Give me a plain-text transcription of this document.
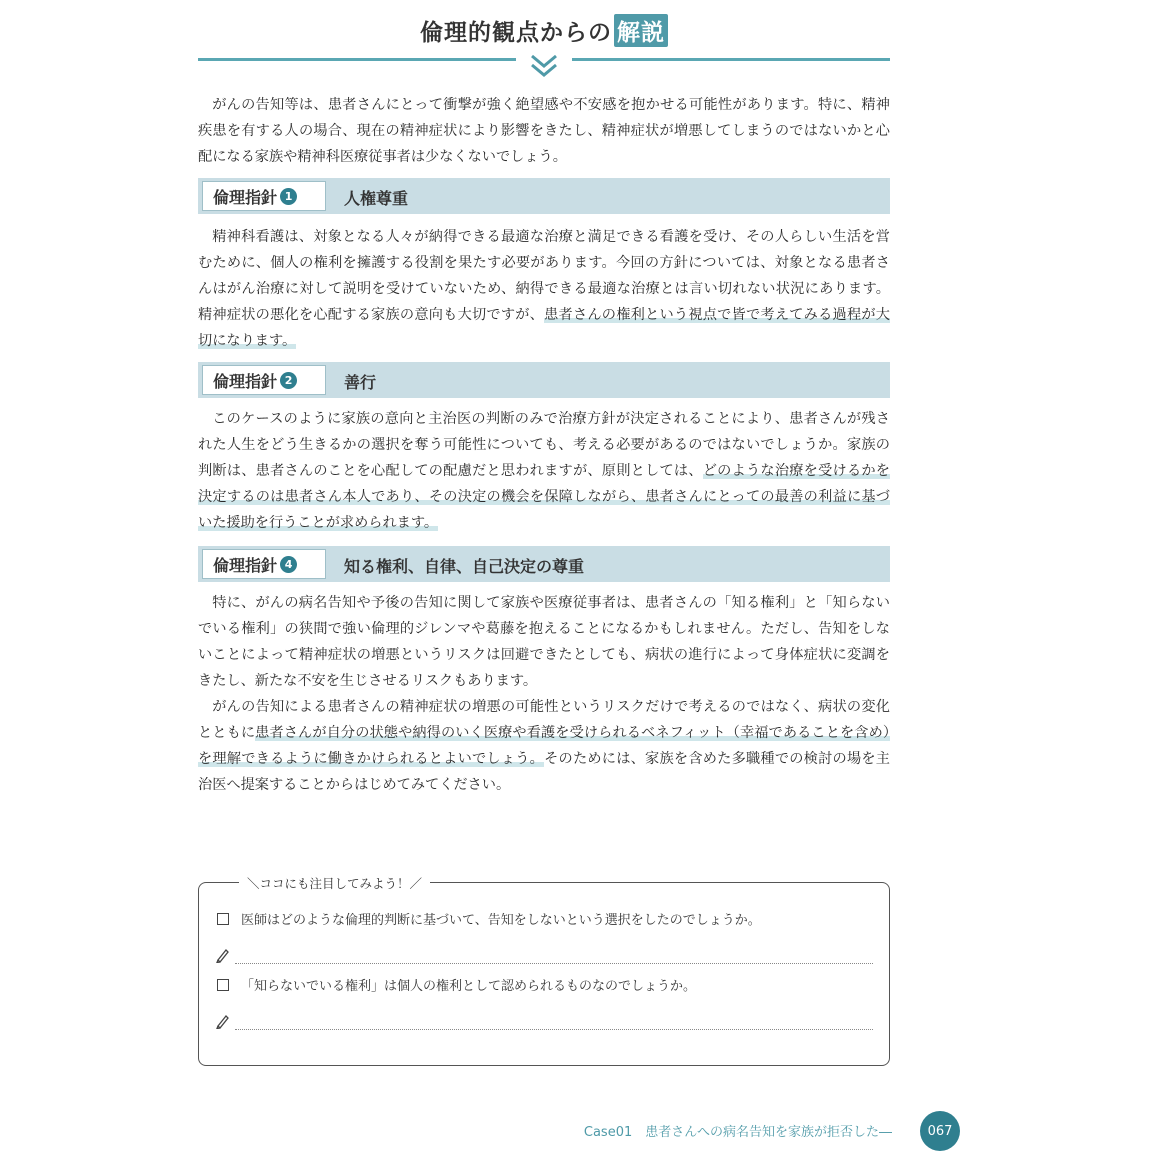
倫理的観点からの 解説

がんの告知等は、患者さんにとって衝撃が強く絶望感や不安感を抱かせる可能性があります。特に、精神疾患を有する人の場合、現在の精神症状により影響をきたし、精神症状が増悪してしまうのではないかと心配になる家族や精神科医療従事者は少なくないでしょう。

倫理指針 1	人権尊重

精神科看護は、対象となる人々が納得できる最適な治療と満足できる看護を受け、その人らしい生活を営むために、個人の権利を擁護する役割を果たす必要があります。今回の方針については、対象となる患者さんはがん治療に対して説明を受けていないため、納得できる最適な治療とは言い切れない状況にあります。精神症状の悪化を心配する家族の意向も大切ですが、患者さんの権利という視点で皆で考えてみる過程が大切になります。

倫理指針 2	善行

このケースのように家族の意向と主治医の判断のみで治療方針が決定されることにより、患者さんが残された人生をどう生きるかの選択を奪う可能性についても、考える必要があるのではないでしょうか。家族の判断は、患者さんのことを心配しての配慮だと思われますが、原則としては、どのような治療を受けるかを決定するのは患者さん本人であり、その決定の機会を保障しながら、患者さんにとっての最善の利益に基づいた援助を行うことが求められます。

倫理指針 4	知る権利、自律、自己決定の尊重

特に、がんの病名告知や予後の告知に関して家族や医療従事者は、患者さんの「知る権利」と「知らないでいる権利」の狭間で強い倫理的ジレンマや葛藤を抱えることになるかもしれません。ただし、告知をしないことによって精神症状の増悪というリスクは回避できたとしても、病状の進行によって身体症状に変調をきたし、新たな不安を生じさせるリスクもあります。

がんの告知による患者さんの精神症状の増悪の可能性というリスクだけで考えるのではなく、病状の変化とともに患者さんが自分の状態や納得のいく医療や看護を受けられるベネフィット（幸福であることを含め）を理解できるように働きかけられるとよいでしょう。そのためには、家族を含めた多職種での検討の場を主治医へ提案することからはじめてみてください。

＼ココにも注目してみよう！／
医師はどのような倫理的判断に基づいて、告知をしないという選択をしたのでしょうか。
「知らないでいる権利」は個人の権利として認められるものなのでしょうか。
Case01　患者さんへの病名告知を家族が拒否した―	067
